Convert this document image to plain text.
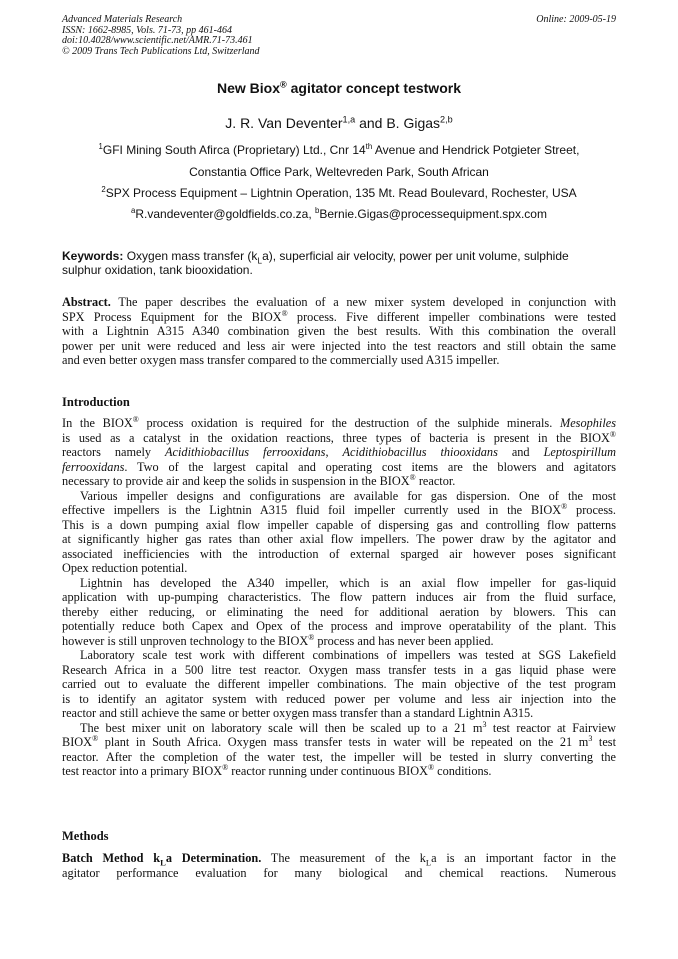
Advanced Materials Research
ISSN: 1662-8985, Vols. 71-73, pp 461-464
doi:10.4028/www.scientific.net/AMR.71-73.461
© 2009 Trans Tech Publications Ltd, Switzerland
Online: 2009-05-19
New Biox® agitator concept testwork
J. R. Van Deventer$^{1,a}$ and B. Gigas$^{2,b}$
$^1$GFI Mining South Afirca (Proprietary) Ltd., Cnr 14th Avenue and Hendrick Potgieter Street,
Constantia Office Park, Weltevreden Park, South African
$^2$SPX Process Equipment – Lightnin Operation, 135 Mt. Read Boulevard, Rochester, USA
$^a$R.vandeventer@goldfields.co.za, $^b$Bernie.Gigas@processequipment.spx.com
Keywords: Oxygen mass transfer $(k_La)$, superficial air velocity, power per unit volume, sulphide
sulphur oxidation, tank biooxidation.
Abstract. The paper describes the evaluation of a new mixer system developed in conjunction with
SPX Process Equipment for the BIOX® process. Five different impeller combinations were tested
with a Lightnin A315 A340 combination given the best results. With this combination the overall
power per unit were reduced and less air were injected into the test reactors and still obtain the same
and even better oxygen mass transfer compared to the commercially used A315 impeller.
Introduction
In the BIOX® process oxidation is required for the destruction of the sulphide minerals. Mesophiles
is used as a catalyst in the oxidation reactions, three types of bacteria is present in the BIOX®
reactors namely Acidithiobacillus ferrooxidans, Acidithiobacillus thiooxidans and Leptospirillum
ferrooxidans. Two of the largest capital and operating cost items are the blowers and agitators
necessary to provide air and keep the solids in suspension in the BIOX® reactor.
Various impeller designs and configurations are available for gas dispersion. One of the most
effective impellers is the Lightnin A315 fluid foil impeller currently used in the BIOX® process.
This is a down pumping axial flow impeller capable of dispersing gas and controlling flow patterns
at significantly higher gas rates than other axial flow impellers. The power draw by the agitator and
associated inefficiencies with the introduction of external sparged air however poses significant
Opex reduction potential.
Lightnin has developed the A340 impeller, which is an axial flow impeller for gas-liquid
application with up-pumping characteristics. The flow pattern induces air from the fluid surface,
thereby either reducing, or eliminating the need for additional aeration by blowers. This can
potentially reduce both Capex and Opex of the process and improve operatability of the plant. This
however is still unproven technology to the BIOX® process and has never been applied.
Laboratory scale test work with different combinations of impellers was tested at SGS Lakefield
Research Africa in a 500 litre test reactor. Oxygen mass transfer tests in a gas liquid phase were
carried out to evaluate the different impeller combinations. The main objective of the test program
is to identify an agitator system with reduced power per volume and less air injection into the
reactor and still achieve the same or better oxygen mass transfer than a standard Lightnin A315.
The best mixer unit on laboratory scale will then be scaled up to a 21 $m^3$ test reactor at Fairview
BIOX® plant in South Africa. Oxygen mass transfer tests in water will be repeated on the 21 $m^3$ test
reactor. After the completion of the water test, the impeller will be tested in slurry converting the
test reactor into a primary BIOX® reactor running under continuous BIOX® conditions.
Methods
Batch Method $k_La$ Determination. The measurement of the $k_La$ is an important factor in the
agitator performance evaluation for many biological and chemical reactions. Numerous
